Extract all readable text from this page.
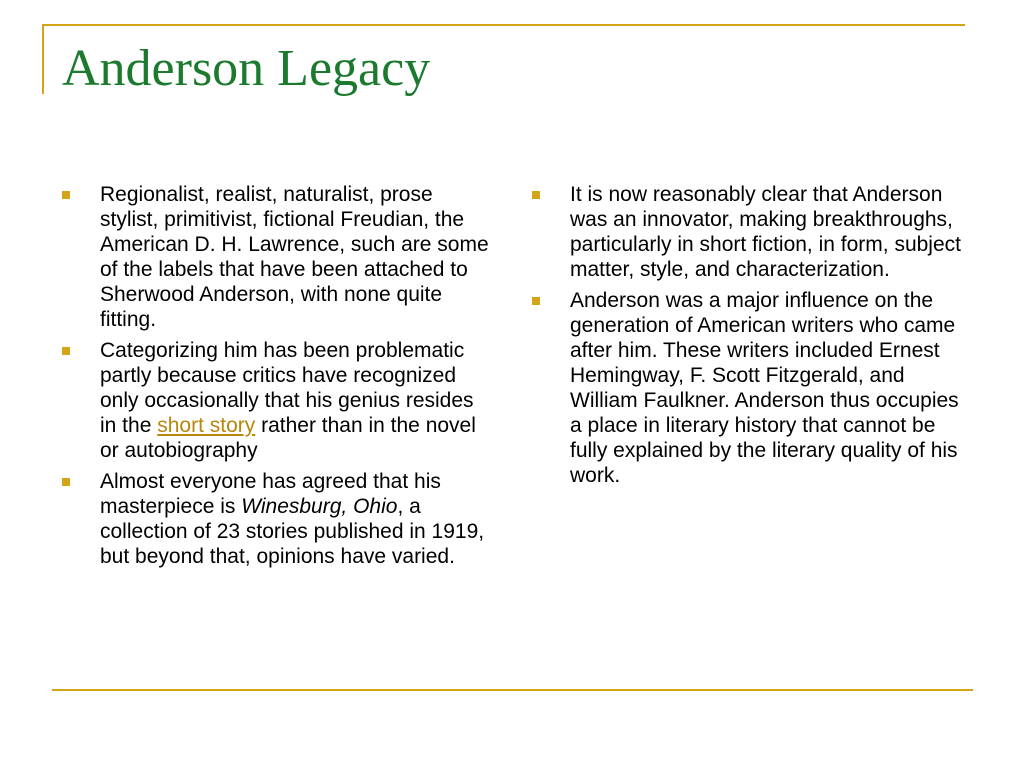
Anderson Legacy
Regionalist, realist, naturalist, prose stylist, primitivist, fictional Freudian, the American D. H. Lawrence, such are some of the labels that have been attached to Sherwood Anderson, with none quite fitting.
Categorizing him has been problematic partly because critics have recognized only occasionally that his genius resides in the short story rather than in the novel or autobiography
Almost everyone has agreed that his masterpiece is Winesburg, Ohio, a collection of 23 stories published in 1919, but beyond that, opinions have varied.
It is now reasonably clear that Anderson was an innovator, making breakthroughs, particularly in short fiction, in form, subject matter, style, and characterization.
Anderson was a major influence on the generation of American writers who came after him. These writers included Ernest Hemingway, F. Scott Fitzgerald, and William Faulkner. Anderson thus occupies a place in literary history that cannot be fully explained by the literary quality of his work.
